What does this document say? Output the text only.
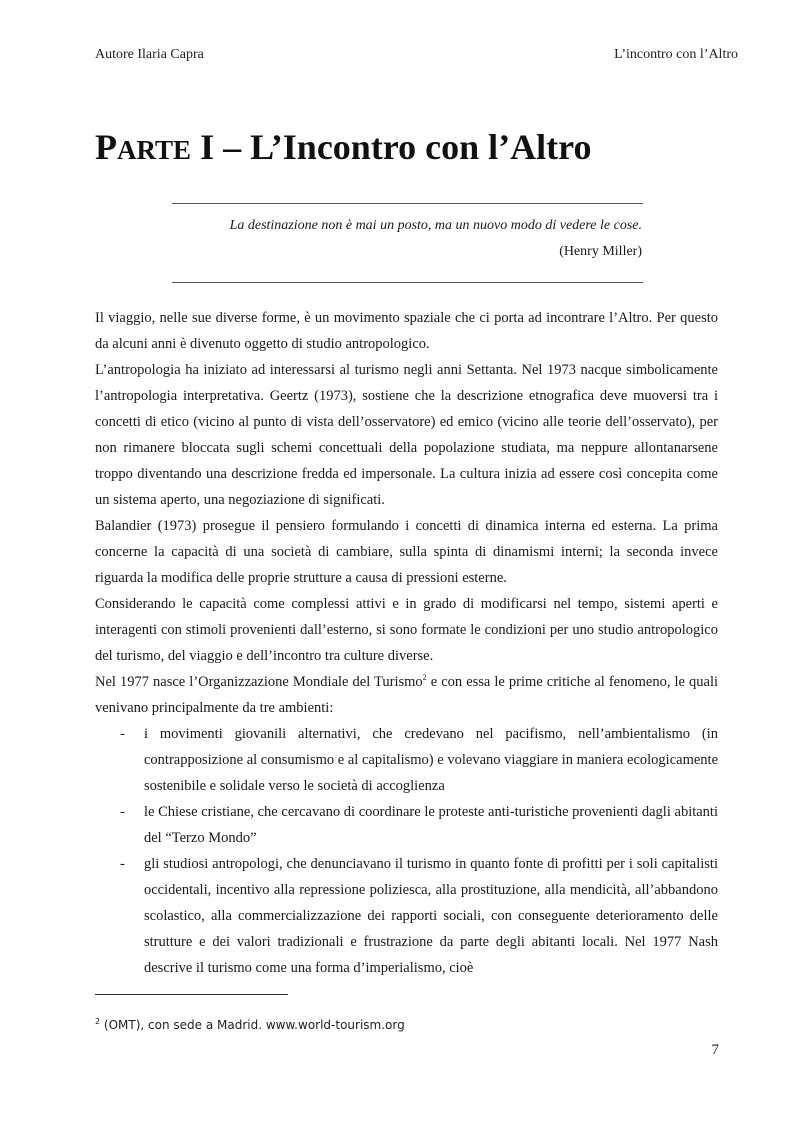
Autore Ilaria Capra	L’incontro con l’Altro
PARTE I – L’Incontro con l’Altro
La destinazione non è mai un posto, ma un nuovo modo di vedere le cose.
(Henry Miller)

Il viaggio, nelle sue diverse forme, è un movimento spaziale che ci porta ad incontrare l’Altro. Per questo da alcuni anni è divenuto oggetto di studio antropologico.

L’antropologia ha iniziato ad interessarsi al turismo negli anni Settanta. Nel 1973 nacque simbolicamente l’antropologia interpretativa. Geertz (1973), sostiene che la descrizione etnografica deve muoversi tra i concetti di etico (vicino al punto di vista dell’osservatore) ed emico (vicino alle teorie dell’osservato), per non rimanere bloccata sugli schemi concettuali della popolazione studiata, ma neppure allontanarsene troppo diventando una descrizione fredda ed impersonale. La cultura inizia ad essere così concepita come un sistema aperto, una negoziazione di significati.

Balandier (1973) prosegue il pensiero formulando i concetti di dinamica interna ed esterna. La prima concerne la capacità di una società di cambiare, sulla spinta di dinamismi interni; la seconda invece riguarda la modifica delle proprie strutture a causa di pressioni esterne.

Considerando le capacità come complessi attivi e in grado di modificarsi nel tempo, sistemi aperti e interagenti con stimoli provenienti dall’esterno, si sono formate le condizioni per uno studio antropologico del turismo, del viaggio e dell’incontro tra culture diverse.

Nel 1977 nasce l’Organizzazione Mondiale del Turismo$^2$ e con essa le prime critiche al fenomeno, le quali venivano principalmente da tre ambienti:

- i movimenti giovanili alternativi, che credevano nel pacifismo, nell’ambientalismo (in contrapposizione al consumismo e al capitalismo) e volevano viaggiare in maniera ecologicamente sostenibile e solidale verso le società di accoglienza
- le Chiese cristiane, che cercavano di coordinare le proteste anti-turistiche provenienti dagli abitanti del “Terzo Mondo”
- gli studiosi antropologi, che denunciavano il turismo in quanto fonte di profitti per i soli capitalisti occidentali, incentivo alla repressione poliziesca, alla prostituzione, alla mendicità, all’abbandono scolastico, alla commercializzazione dei rapporti sociali, con conseguente deterioramento delle strutture e dei valori tradizionali e frustrazione da parte degli abitanti locali. Nel 1977 Nash descrive il turismo come una forma d’imperialismo, cioè
$^2$ (OMT), con sede a Madrid. www.world-tourism.org
7
